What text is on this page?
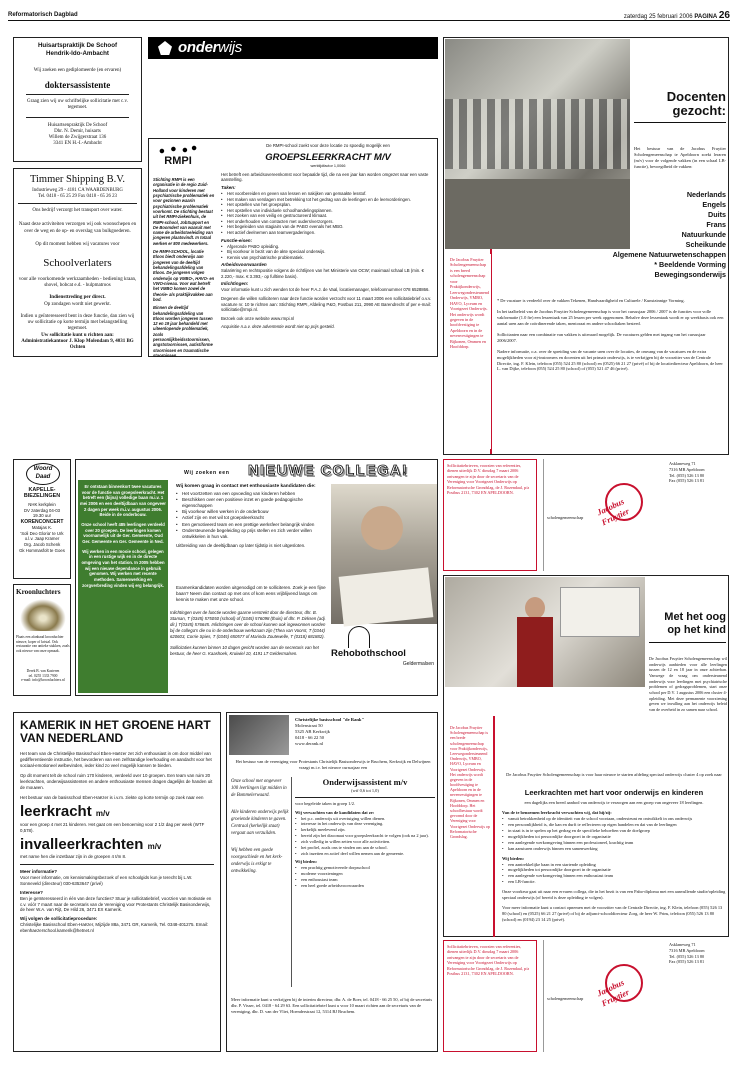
Reformatorisch Dagblad	zaterdag 25 februari 2006 PAGINA 26
Huisartspraktijk De Schoof
Hendrik-Ido-Ambacht
Wij zoeken een gediplomeerde (en ervaren)
doktersassistente
Graag zien wij uw schriftelijke sollicitatie met c.v. tegemoet.
Huisartsenpraktijk De Schoof
Dhr. N. Demir, huisarts
Willem de Zwijgerstraat 136
3341 EN H.-I.-Ambacht
Timmer Shipping B.V.
Industrieweg 29 - 4181 CA WAARDENBURG
Tel. 0418 - 65 25 29 Fax 0418 - 65 26 23
Ons bedrijf verzorgt het transport over water.
Naast deze activiteiten verzorgen wij ook woonschepen en over de weg en de op- en overslag van bulkgoederen.
Op dit moment hebben wij vacatures voor
Schoolverlaters
voor alle voorkomende werkzaamheden - bediening kraan, shovel, bobcat e.d. - hulpmatroos
Indiensttreding per direct.
Op zondagen wordt niet gewerkt.
Indien u geïnteresseerd bent in deze functie, dan zien wij uw sollicitatie op korte termijn met belangstelling tegemoet.
Uw sollicitatie kunt u richten aan: Administratiekantoor J. Klop Molendam 9, 4031 BG Ochten
onderwijs
RMPI
Stichting RMPI is een organisatie in de regio Zuid-Holland voor kinderen met psychiatrische problematiek en voor gezinnen waarin psychiatrische problematiek voorkomt. De stichting bestaat uit het RMPI-ziekenhuis, de RMPI-school, JobSupport en De Boomdert van waaruit met name de arbeidstoeleiding van jongeren plaatsvindt. In totaal werken er 800 medewerkers.
De RMPI-SCHOOL, locatie Eloos biedt onderwijs aan jongeren van de deeltijd behandelingsafdeling van Eloos. De jongeren volgen onderwijs op VMBO-, HAVO- en VWO-niveau. Voor wat betreft het VMBO komen zowel de theorie- als praktijkvakken aan bod.
Binnen de deeltijd behandelingsafdeling van Eloos worden jongeren tussen 12 en 19 jaar behandeld met uiteenlopende problematiek, zoals persoonlijkheidsstoornissen, angststoornissen, autistiforme stoornissen en traumatische stoornissen.
De RMPI-school zoekt voor deze locatie zo spoedig mogelijk een
GROEPSLEERKRACHT M/V
werktijdfactor 1,0066
Het betreft een arbeidsovereenkomst voor bepaalde tijd, die na een jaar kan worden omgezet naar een vaste aanstelling.
Taken:
• Het voorbereiden en geven van lessen en nakijken van gemaakte lesstof.
• Het maken van verslagen met betrekking tot het gedrag van de leerlingen en de leervorderingen.
• Het opstellen van het groepsplan.
• Het opstellen van individuele schoolhandelingsplannen.
• Het zoeken van een veilig en gestructureerd klimaat.
• Het onderhouden van contacten met ouders/verzorgers.
• Het begeleiden van stagiairs van de PABO evenals het MBO.
• Het actief deelnemen aan teamvergaderingen.
Functie-eisen:
• Afgeronde PABO opleiding.
• Bij voorkeur in bezit van de akte speciaal onderwijs.
• Kennis van psychiatrische problematiek.
Arbeidsvoorwaarden
Salariëring en rechtspositie volgens de richtlijnen van het Ministerie van OCW; maximaal schaal LB (min. € 2.220,- max. € 3.393,- op fulltime basis).
Inlichtingen:
Voor informatie kunt u zich wenden tot de heer P.A.J. de Vaal, locatiemanager, telefoonnummer 078 6528866.
Degenen die willen solliciteren naar deze functie worden verzocht voor 11 maart 2006 een sollicitatiebrief o.v.v. vacature nr. 10 te richten aan: Stichting RMPI, Afdeling P&O, Postbus 211, 2990 AE Barendrecht of per e-mail: sollicitatie@rmpi.nl.
Bezoek ook onze website www.rmpi.nl
Acquisitie n.a.v. deze advertentie wordt niet op prijs gesteld.
De Jacobus Fruytier Scholengemeenschap is een breed scholengemeenschap voor Praktijkonderwijs, Leerwegondersteunend Onderwijs, VMBO, HAVO, Lyceum en Voortgezet Onderwijs. Het onderwijs wordt gegeven in de hoofdvestiging te Apeldoorn en in de nevenvestigingen te Bijkonen, Ommen en Hoofddorp.
Docenten
gezocht:
Het bestuur van de Jacobus Fruytier Scholengemeenschap te Apeldoorn zoekt leraren (m/v) voor de volgende vakken (in een schaal LB-functie), bevoegdheid de vakken:
Nederlands
Engels
Duits
Frans
Natuurkunde
Scheikunde
Algemene Natuurwetenschappen
* Beeldende Vorming
Bewegingsonderwijs
* De vacature is verdeeld over de vakken Tekenen, Handvaardigheid en Culturele / Kunstzinnige Vorming.
In het taalbeleid van de Jacobus Fruytier Scholengemeenschap is voor het cursusjaar 2006 / 2007 is de functies voor volle vakformatie (1.0 fte) een lessentaak van 25 lessen per week opgenomen. Behalve deze lessentaak wordt er op weekbasis ook een aantal uren aan de coördinerende taken, mentoraat en andere schooltaken besteed.
Sollicitanten naar een combinatie van vakken is uiteraard mogelijk. De vacatures gelden met ingang van het cursusjaar 2006/2007.
Nadere informatie, o.a. over de spreiding van de vacante uren over de locaties, de omvang van de vacatures en de extra mogelijkheden voor zij-instromers en docenten uit het primair onderwijs, is te verkrijgen bij de voorzitter van de Centrale Directie, ing. F. Klein, telefoon (055) 524 25 80 (school) en (0525) 66 21 27 (privé) of bij de locatiedirecteur Apeldoorn, de heer L. van Dijke, telefoon (055) 524 25 80 (school) of (055) 521 47 46 (privé).
Sollicitatiebrieven, voorzien van referenties, dienen uiterlijk D.V. dinsdag 7 maart 2006 ontvangen te zijn door de secretaris van de Vereniging voor Voortgezet Onderwijs op Reformatorische Grondslag, de J. Rozendaal, p/a Postbus 2131, 7302 EN APELDOORN.
scholengemeenschap
Jacobus Fruytier
Asklaneweg 71
7316 MB Apeldoorn
Tel. (055) 526 13 80
Fax (055) 526 13 81
Woord
Daad
KAPELLE-
BIEZELINGEN
NHK kerkplein
DV zaterdag 04-03
19.30 uur
KORENCONCERT
Matajas K.
'Soli Deo Gloria' te Urk
o.l.v. Jaap Kramer
Org. Jacob Schenk
Gk Hommasfolt te Goes
Kroonluchters
Plaats een afanbaad kroonluchter nieuwe, koper of kristal. Ook restauratie van antieke stukken, zoals ook nieuwe van onze opmaak.
Derek B. van Kasteren
tel. 0255 1333 7900
e-mail: info@kroonluchters.nl
Wij zoeken een NIEUWE COLLEGA!
Er ontstaan binnenkort twee vacatures voor de functie van groepsleerkracht. Het betreft een (bijna) volledige baan m.i.v. 1 mei 2006 en een deeltijdbaan van ongeveer 2 dagen per week m.i.v. augustus 2006. Beide in de onderbouw.
Onze school heeft 485 leerlingen verdeeld over 20 groepen. De leerlingen komen voornamelijk uit de Ger. Gemeente, Oud Ger. Gemeente en Ger. Gemeente in Ned.
Wij werken in een mooie school, gelegen in een rustige wijk en in de directe omgeving van het station. In 2005 hebben wij een nieuwe dependance in gebruik genomen. Wij werken met recente methoden. Samenwerking en zorgverbreding vinden wij erg belangrijk.
Wij komen graag in contact met enthousiaste kandidaten die:
• Het voortzetten van een opvoeding van kinderen hebben
• Beschikken over een positieve inzet en goede pedagogische eigenschappen
• Bij voorkeur willen werken in de onderbouw
• Actief zijn en met wil tot groepsleerkracht
• Een gemotiveerd team en een prettige werksfeer belangrijk vinden
• Ondersteunende begeleiding op prijs stellen en zich verder willen ontwikkelen in hun vak.
Uitbreiding van de deeltijdbaan op later tijdstip is niet uitgesloten.
Examenkandidaten worden uitgenodigd om te solliciteren. Zoek je een fijne baan? Neem dan contact op met ons of kom eens vrijblijvend langs om kennis te maken met onze school.
Inlichtingen over de functie worden gaarne verstrekt door de directeur, dhr. B. Staman, T (0345) 575050 (school) of (0345) 576098 (thuis) of dhr. P. Dirksen (adj. dir.) T(0345) 576645. Inlichtingen over de school kunnen ook ingewonnen worden bij de collega's die nu in de onderbouw werkzaam zijn (Thea van Voorst, T (0344) 620603, Corrie Spies, T (0345) 650577 of Marinda Zoutewelle, T (0318) 681882).
Sollicitaties kunnen binnen 10 dagen gericht worden aan de secretaris van het bestuur, de heer G. Kaashoek, Kruiwiel 10, 4191 LT Geldermalsen.	Rehobothschool
Geldermalsen
Met het oog
op het kind
De Jacobus Fruytier Scholengemeenschap wil onderwijs aanbieden voor alle leerlingen tussen de 12 en 18 jaar in onze achterban. Vanwege de vraag om ondersteunend onderwijs voor leerlingen met psychiatrische problemen of gedragsproblemen, start onze school per D.V. 1 augustus 2006 een cluster 4-opleiding. Met deze permanente voorziening geven we invulling aan het onderwijs beleid van de overheid in zo samen naar school.
De Jacobus Fruytier Scholengemeenschap is voor haar nieuwe te starten afdeling speciaal onderwijs cluster 4 op zoek naar
Leerkrachten met hart voor onderwijs en kinderen
een dagelijks een breed aanbod van onderwijs te verzorgen aan een groep van ongeveer 18 leerlingen.
De Jacobus Fruytier Scholengemeenschap is een brede scholengemeenschap voor Praktijkonderwijs, Leerwegondersteunend Onderwijs, VMBO, HAVO, Lyceum en Voortgezet Onderwijs. Het onderwijs wordt gegeven in de hoofdvestiging te Apeldoorn en in de nevenvestigingen te Bijkonen, Ommen en Hoofddorp. Het schoolbestuur wordt gevormd door de Vereniging voor Voortgezet Onderwijs op Reformatorische Grondslag.
Van de te benoemen leerkracht verwachten wij, dat hij/zij:
• vanuit betrokkenheid op de identiteit van de school voortaan, ondersteunt en ontwikkelt in ons onderwijs
• een persoonlijkheid is, die kan en durft te reflecteren op eigen handelen en dat van de leerlingen
• in staat is in te spelen op het gedrag en de specifieke behoeften van de doelgroep
• mogelijkheden tot persoonlijke doorgroei in de organisatie
• een aanlegende werkomgeving binnen een professioneel, krachtig team
• kan aansturen onderwijs binnen een samenwerking
Wij bieden:
• een aantrekkelijke baan in een startende opleiding
• mogelijkheden tot persoonlijke doorgroei in de organisatie
• een aanlegende werkomgeving binnen een enthousiast team
• een LB-functie.
Onze voorkeur gaat uit naar een ervaren collega, die in het bezit is van een Pabo-diploma met een aanvullende studie/opleiding speciaal onderwijs (of bereid is deze opleiding te volgen).
Voor meer informatie kunt u contact opnemen met de voorzitter van de Centrale Directie, ing. F. Klein, telefoon (055) 526 13 80 (school) en (0525) 66 21 27 (privé) of bij de adjunct-schooldirecteur Zorg, de heer W. Prins, telefoon (055) 526 13 80 (school) en (0194) 23 14 25 (privé).
Sollicitatiebrieven, voorzien van referenties, dienen uiterlijk D.V. dinsdag 7 maart 2006 ontvangen te zijn door de secretaris van de Vereniging voor Voortgezet Onderwijs op Reformatorische Grondslag, de J. Rozendaal, p/a Postbus 2131, 7302 EN APELDOORN.
scholengemeenschap
Jacobus Fruytier
Asklaneweg 71
7316 MB Apeldoorn
Tel. (055) 526 13 80
Fax (055) 526 13 81
KAMERIK IN HET GROENE HART VAN NEDERLAND
Het team van de Christelijke Basisschool Eben-Haëzer zet zich enthousiast in om door middel van gedifferentieerde instructie, het bevorderen van een zelfstandige leerhouding en aandacht voor het sociaal-emotioneel welbevinden, ieder kind zo veel mogelijk kansen te bieden.
Op dit moment telt de school ruim 170 kinderen, verdeeld over 10 groepen. Een team van ruim 20 leerkrachten, onderwijsassistenten en andere enthousiaste mensen dragen dagelijks de handen uit de mouwen.
Het bestuur van de basisschool Eben-Haëzer is i.v.m. ziekte op korte termijn op zoek naar een
leerkracht m/v
voor een groep 4 met 21 kinderen. Het gaat om een benoeming voor 2 1/2 dag per week (WTF 0,578).
invalleerkrachten m/v
met name hen die inzetbaar zijn in de groepen 4 t/m 8.
Meer informatie?
Voor meer informatie, om kennismakingsbezoek of een schoolgids kun je terecht bij L.W. Sonneveld (directeur) 030-6353647 (privé)
Interesse?
Ben je geïnteresseerd in één van deze functies? Stuur je sollicitatiebrief, voorzien van motivatie en c.v. vóór 7 maart naar de secretaris van de Vereniging voor Protestants Christelijk Basisonderwijs, de heer W.A. van Rijt, De Hild 26, 3471 EX Kamerik.
Wij volgen de sollicitatieprocedure:
Christelijke Basisschool Eben-Haëzer, Mijzijde 88a, 3471 GR, Kamerik, Tel. 0348-401275. Email: ebenhaezerschool.kamerik@hetnet.nl
Christelijke basisschool "de Rank"
Molenstraat 50
5325 AB Kerkwijk
0418 - 66 22 50
www.derank.nl
Het bestuur van de vereniging voor Protestants Christelijk Basisonderwijs te Bruchem, Kerkwijk en Delwijnen vraagt m.i.v. het nieuwe cursusjaar een
Onze school met ongeveer 100 leerlingen ligt midden in de Bommelerwaard.
Alle kinderen onderwijs pelijk groeiende kinderen te gaven. Centraal (kerkelijk staat) vergaat aan verzuilden.
Wij hebben een goede voorgeschiede en het kerk-onderwijs is erkigt te ontwikkeling.
Onderwijsassistent m/v
(wtf 0,6 tot 1,0)
voor begeleide taken in groep 1/2.
Wij verwachten van de kandidaten dat ze:
• het p.c. onderwijs uit overtuiging willen dienen.
• interesse in het onderwijs van deze vereniging.
• kerkelijk meelevend zijn.
• bereid zijn het diaconaat voor groepsleerkracht te volgen (ook na 2 jaar).
• zich volledig in willen zetten voor alle activiteiten.
• het profiel, zoals ons te vinden om aan de school.
• zich inzetten en actief deel willen nemen aan de gemeente.
Wij bieden:
• een prachtig gemotiveerde dorpsschool
• moderne voorzieningen
• een enthousiast team
• een heel goede arbeidsvoorwaarden
Meer informatie kunt u verkrijgen bij de interim directeur, dhr. A. de Boer, tel. 0418 - 66 25 50, of bij de secretaris dhr. P. Visser, tel. 0418 - 64 29 63. Een sollicitatiebrief kunt u voor 10 maart richten aan de secretaris van de vereniging, dhr. D. van der Vliet, Hoenderstraat 12, 5314 BJ Bruchem.
